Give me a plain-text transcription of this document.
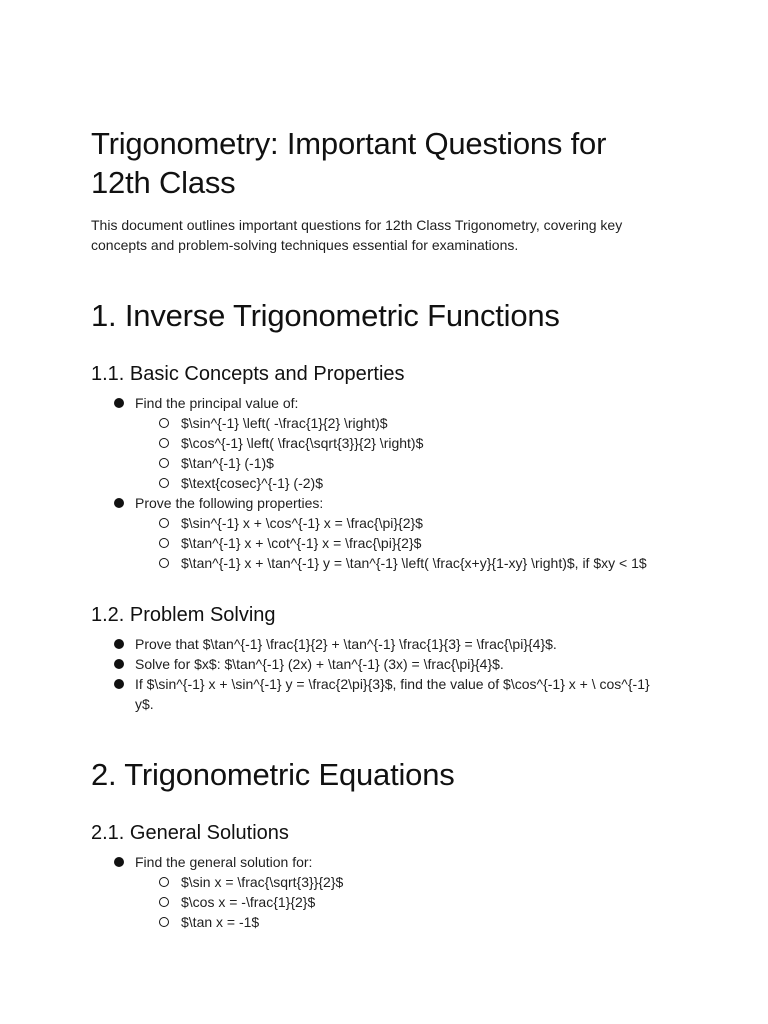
Trigonometry: Important Questions for 12th Class

This document outlines important questions for 12th Class Trigonometry, covering key concepts and problem-solving techniques essential for examinations.

1. Inverse Trigonometric Functions
1.1. Basic Concepts and Properties
Find the principal value of:
$\sin^{-1} \left( -\frac{1}{2} \right)$
$\cos^{-1} \left( \frac{\sqrt{3}}{2} \right)$
$\tan^{-1} (-1)$
$\text{cosec}^{-1} (-2)$
Prove the following properties:
$\sin^{-1} x + \cos^{-1} x = \frac{\pi}{2}$
$\tan^{-1} x + \cot^{-1} x = \frac{\pi}{2}$
$\tan^{-1} x + \tan^{-1} y = \tan^{-1} \left( \frac{x+y}{1-xy} \right)$, if $xy < 1$
1.2. Problem Solving
Prove that $\tan^{-1} \frac{1}{2} + \tan^{-1} \frac{1}{3} = \frac{\pi}{4}$.
Solve for $x$: $\tan^{-1} (2x) + \tan^{-1} (3x) = \frac{\pi}{4}$.
If $\sin^{-1} x + \sin^{-1} y = \frac{2\pi}{3}$, find the value of $\cos^{-1} x + \ cos^{-1} y$.
2. Trigonometric Equations
2.1. General Solutions
Find the general solution for:
$\sin x = \frac{\sqrt{3}}{2}$
$\cos x = -\frac{1}{2}$
$\tan x = -1$
